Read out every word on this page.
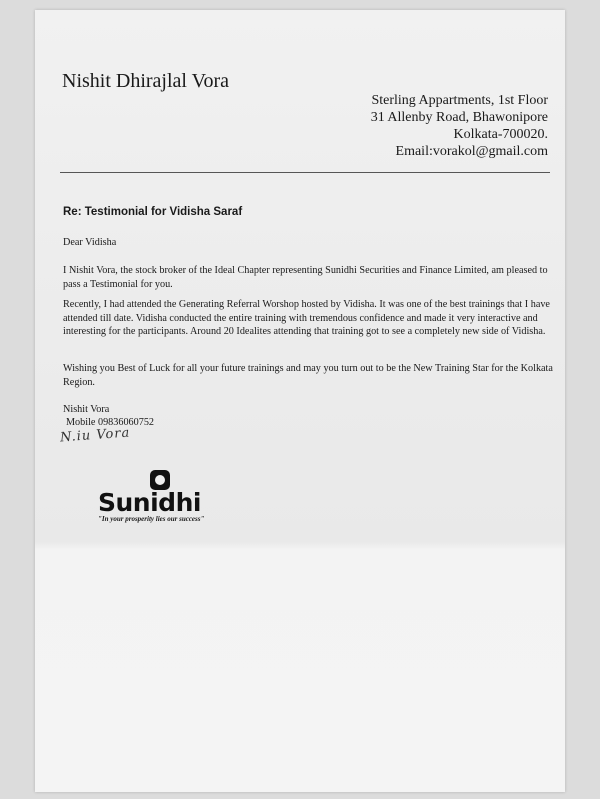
Nishit Dhirajlal Vora
Sterling Appartments, 1st Floor
31 Allenby Road, Bhawonipore
Kolkata-700020.
Email:vorakol@gmail.com
Re: Testimonial for Vidisha Saraf
Dear Vidisha
I Nishit Vora, the stock broker of the Ideal Chapter representing Sunidhi Securities and Finance Limited, am pleased to pass a Testimonial for you.
Recently, I had attended the Generating Referral Worshop hosted by Vidisha. It was one of the best trainings that I have attended till date. Vidisha conducted the entire training with tremendous confidence and made it very interactive and interesting for the participants. Around 20 Idealites attending that training got to see a completely new side of Vidisha.
Wishing you Best of Luck for all your future trainings and may you turn out to be the New Training Star for the Kolkata Region.
Nishit Vora
Mobile 09836060752
N.iu Vora
Sunidhi
"In your prosperity lies our success"
